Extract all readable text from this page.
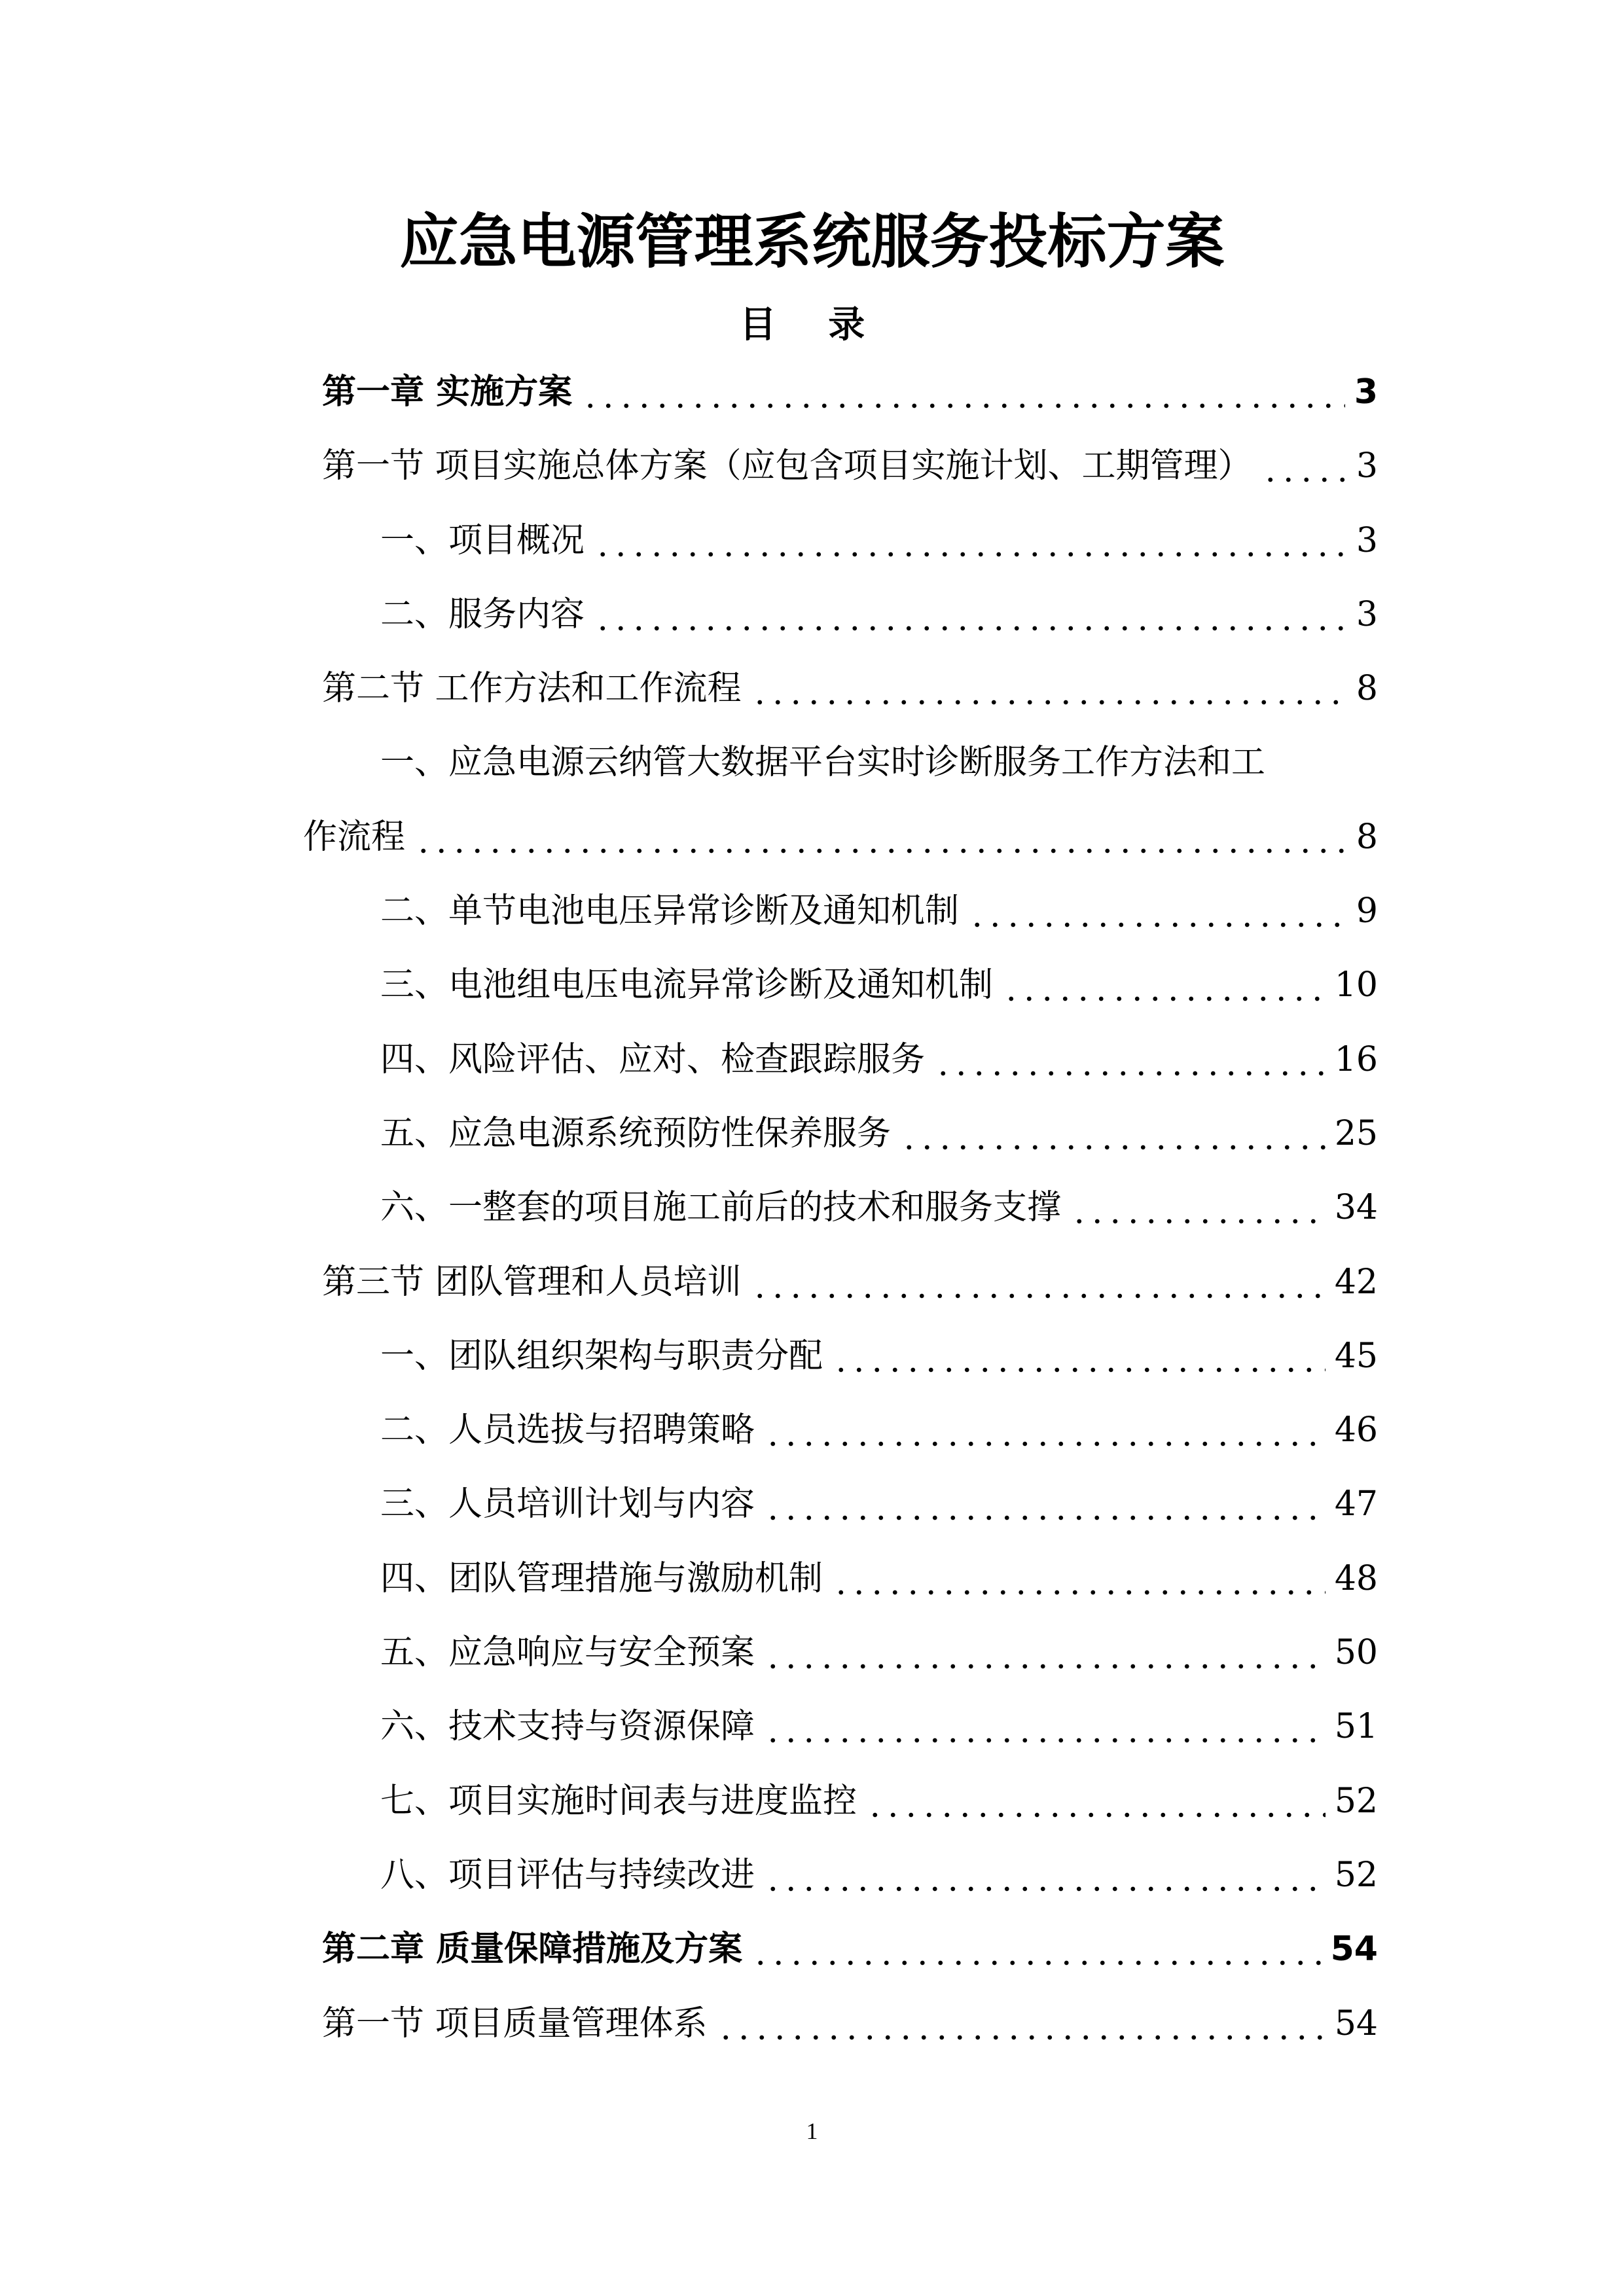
应急电源管理系统服务投标方案
目 录
第一章 实施方案	3
第一节 项目实施总体方案（应包含项目实施计划、工期管理）	3
一、项目概况	3
二、服务内容	3
第二节 工作方法和工作流程	8
一、应急电源云纳管大数据平台实时诊断服务工作方法和工
作流程	8
二、单节电池电压异常诊断及通知机制	9
三、电池组电压电流异常诊断及通知机制	10
四、风险评估、应对、检查跟踪服务	16
五、应急电源系统预防性保养服务	25
六、一整套的项目施工前后的技术和服务支撑	34
第三节 团队管理和人员培训	42
一、团队组织架构与职责分配	45
二、人员选拔与招聘策略	46
三、人员培训计划与内容	47
四、团队管理措施与激励机制	48
五、应急响应与安全预案	50
六、技术支持与资源保障	51
七、项目实施时间表与进度监控	52
八、项目评估与持续改进	52
第二章 质量保障措施及方案	54
第一节 项目质量管理体系	54
1
